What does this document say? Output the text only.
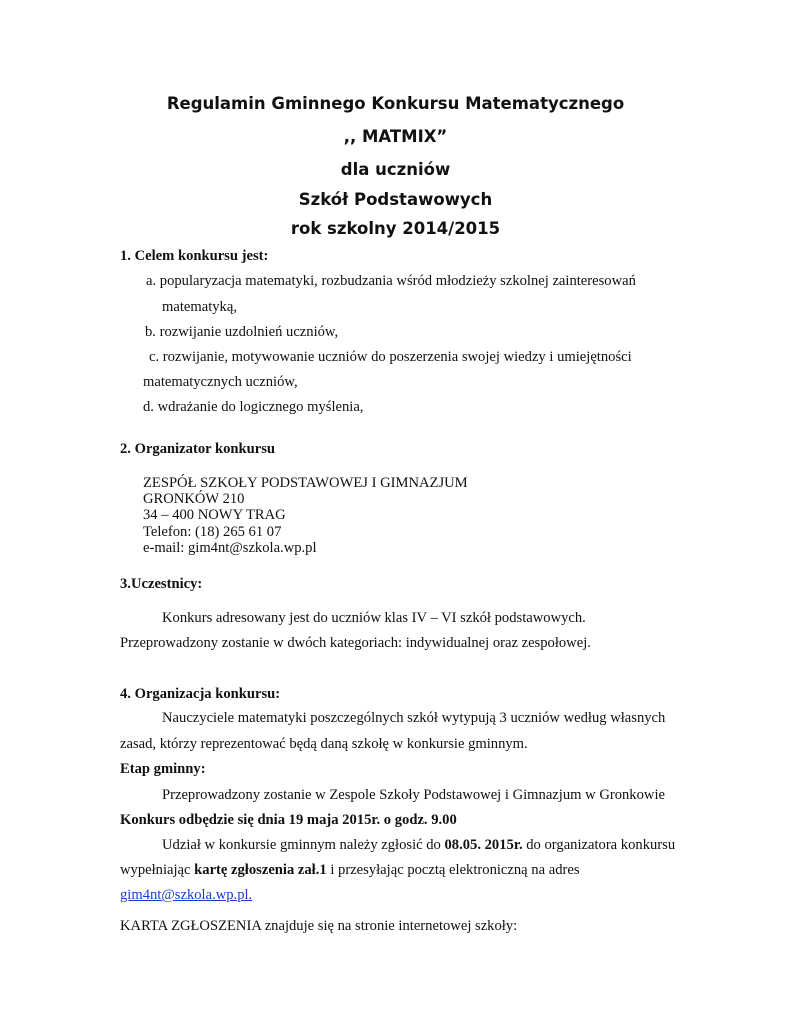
Regulamin Gminnego Konkursu Matematycznego
,, MATMIX”
dla uczniów
Szkół Podstawowych
rok szkolny 2014/2015
1. Celem konkursu jest:
a. popularyzacja matematyki, rozbudzania wśród młodzieży szkolnej zainteresowań
matematyką,
b. rozwijanie uzdolnień uczniów,
c. rozwijanie, motywowanie uczniów do poszerzenia swojej wiedzy i umiejętności
matematycznych uczniów,
d. wdrażanie do logicznego myślenia,
2. Organizator konkursu
ZESPÓŁ SZKOŁY PODSTAWOWEJ I GIMNAZJUM
GRONKÓW 210
34 – 400 NOWY TRAG
Telefon: (18) 265 61 07
e-mail: gim4nt@szkola.wp.pl
3.Uczestnicy:
Konkurs adresowany jest do uczniów klas IV – VI szkół podstawowych.
Przeprowadzony zostanie w dwóch kategoriach: indywidualnej oraz zespołowej.
4. Organizacja konkursu:
Nauczyciele matematyki poszczególnych szkół wytypują 3 uczniów według własnych
zasad, którzy reprezentować będą daną szkołę w konkursie gminnym.
Etap gminny:
Przeprowadzony zostanie w Zespole Szkoły Podstawowej i Gimnazjum w Gronkowie
Konkurs odbędzie się dnia 19 maja 2015r. o godz. 9.00
Udział w konkursie gminnym należy zgłosić do 08.05. 2015r. do organizatora konkursu
wypełniając kartę zgłoszenia zał.1 i przesyłając pocztą elektroniczną na adres
gim4nt@szkola.wp.pl.
KARTA ZGŁOSZENIA znajduje się na stronie internetowej szkoły:
